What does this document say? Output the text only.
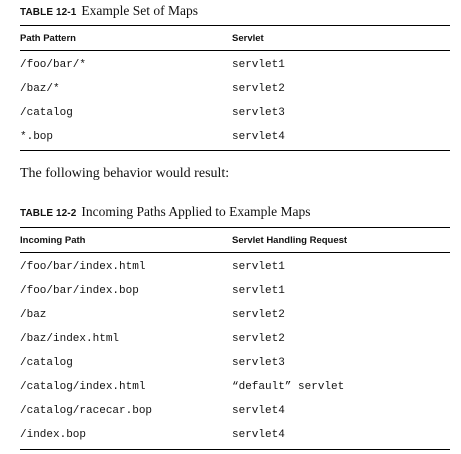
TABLE 12-1 Example Set of Maps
Path Pattern	Servlet
/foo/bar/*	servlet1
/baz/*	servlet2
/catalog	servlet3
*.bop	servlet4
The following behavior would result:
TABLE 12-2 Incoming Paths Applied to Example Maps
Incoming Path	Servlet Handling Request
/foo/bar/index.html	servlet1
/foo/bar/index.bop	servlet1
/baz	servlet2
/baz/index.html	servlet2
/catalog	servlet3
/catalog/index.html	“default” servlet
/catalog/racecar.bop	servlet4
/index.bop	servlet4
